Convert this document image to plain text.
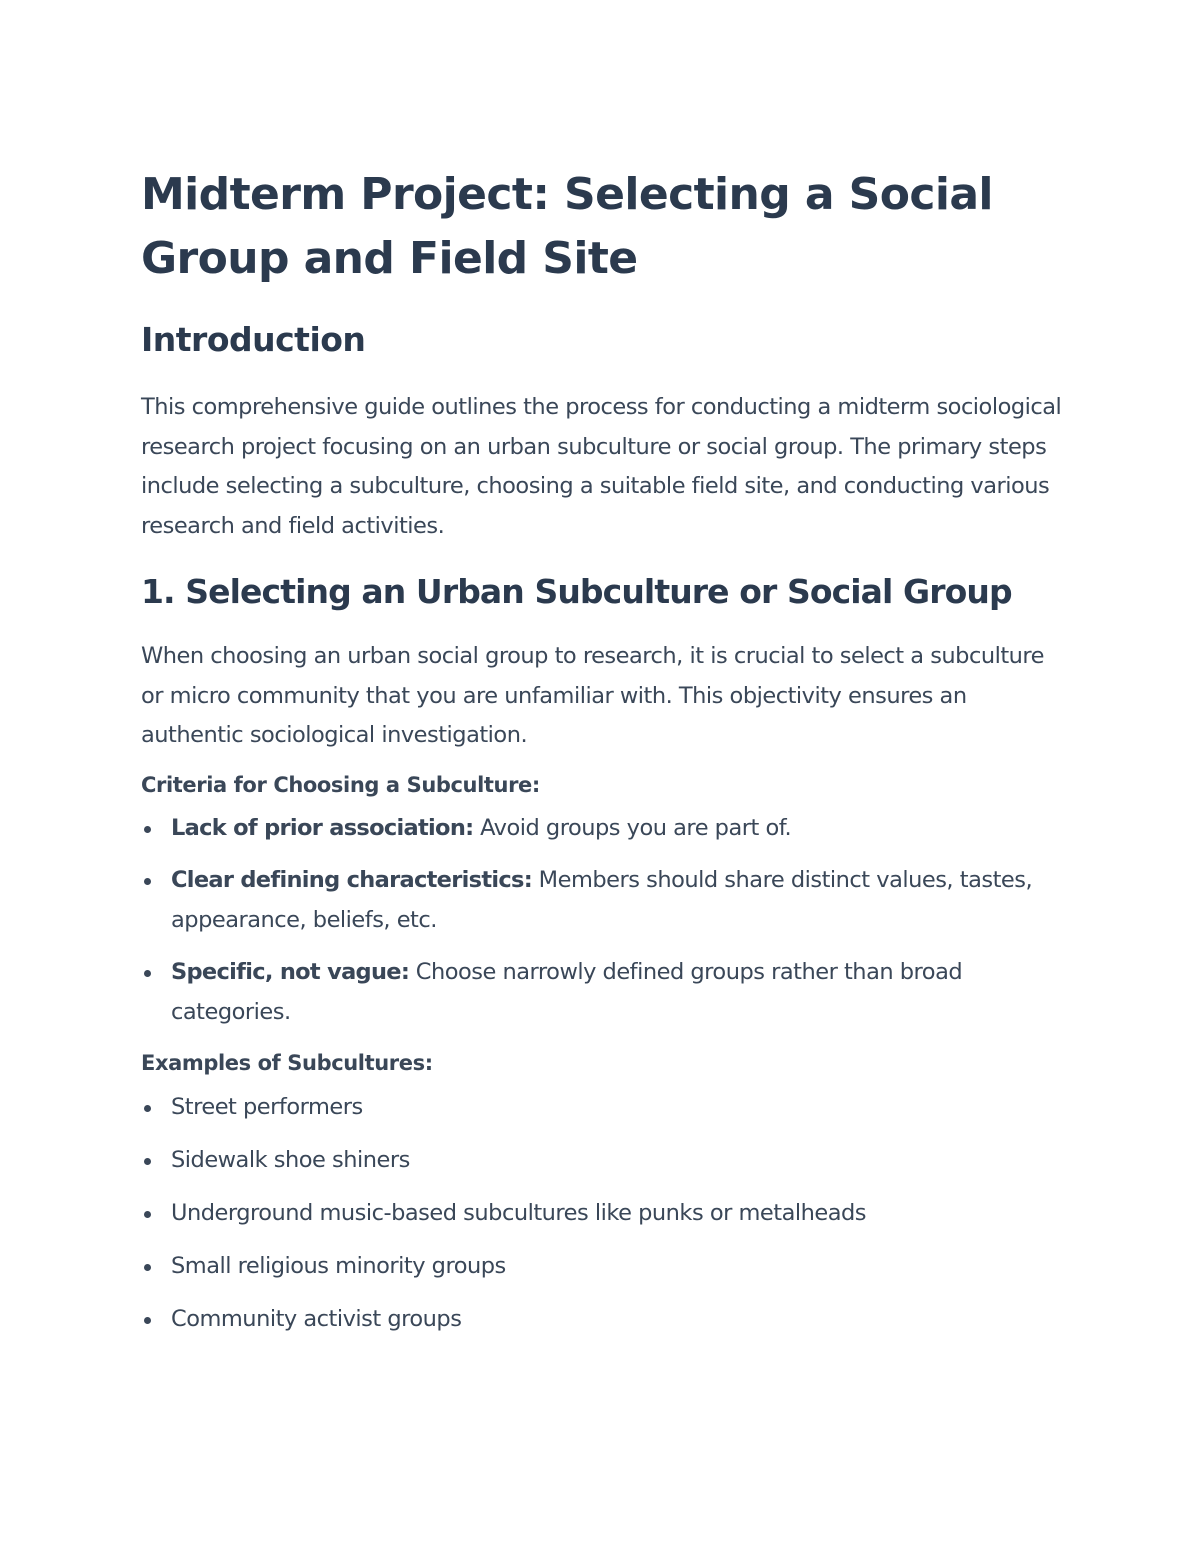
Midterm Project: Selecting a Social Group and Field Site
Introduction

This comprehensive guide outlines the process for conducting a midterm sociological research project focusing on an urban subculture or social group. The primary steps include selecting a subculture, choosing a suitable field site, and conducting various research and field activities.

1. Selecting an Urban Subculture or Social Group

When choosing an urban social group to research, it is crucial to select a subculture or micro community that you are unfamiliar with. This objectivity ensures an authentic sociological investigation.

Criteria for Choosing a Subculture:

Lack of prior association: Avoid groups you are part of.
Clear defining characteristics: Members should share distinct values, tastes, appearance, beliefs, etc.
Specific, not vague: Choose narrowly defined groups rather than broad categories.

Examples of Subcultures:

Street performers
Sidewalk shoe shiners
Underground music-based subcultures like punks or metalheads
Small religious minority groups
Community activist groups
